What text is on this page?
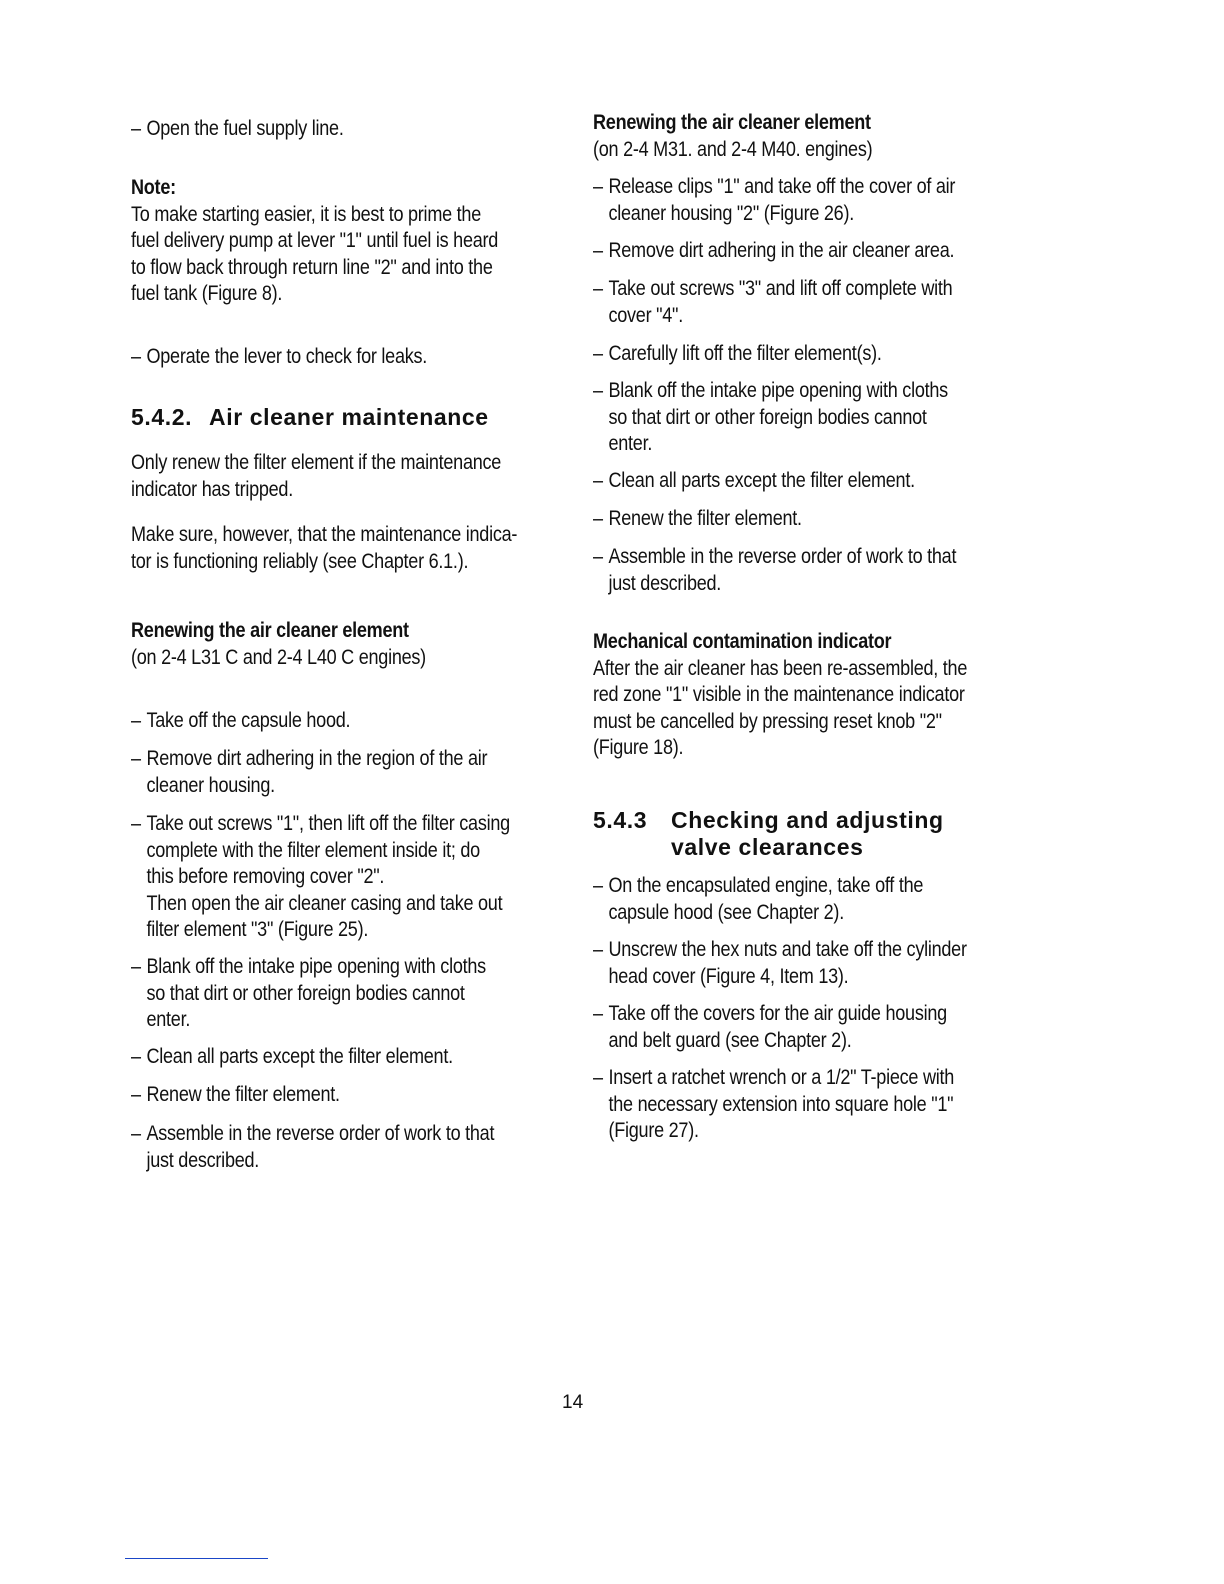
– Open the fuel supply line.

Note:

To make starting easier, it is best to prime the

fuel delivery pump at lever "1" until fuel is heard

to flow back through return line "2" and into the

fuel tank (Figure 8).

– Operate the lever to check for leaks.

5.4.2. Air cleaner maintenance

Only renew the filter element if the maintenance

indicator has tripped.

Make sure, however, that the maintenance indica-

tor is functioning reliably (see Chapter 6.1.).

Renewing the air cleaner element

(on 2-4 L31 C and 2-4 L40 C engines)

– Take off the capsule hood.

– Remove dirt adhering in the region of the air

cleaner housing.

– Take out screws "1", then lift off the filter casing

complete with the filter element inside it; do

this before removing cover "2".

Then open the air cleaner casing and take out

filter element "3" (Figure 25).

– Blank off the intake pipe opening with cloths

so that dirt or other foreign bodies cannot

enter.

– Clean all parts except the filter element.

– Renew the filter element.

– Assemble in the reverse order of work to that

just described.

Renewing the air cleaner element

(on 2-4 M31. and 2-4 M40. engines)

– Release clips "1" and take off the cover of air

cleaner housing "2" (Figure 26).

– Remove dirt adhering in the air cleaner area.

– Take out screws "3" and lift off complete with

cover "4".

– Carefully lift off the filter element(s).

– Blank off the intake pipe opening with cloths

so that dirt or other foreign bodies cannot

enter.

– Clean all parts except the filter element.

– Renew the filter element.

– Assemble in the reverse order of work to that

just described.

Mechanical contamination indicator

After the air cleaner has been re-assembled, the

red zone "1" visible in the maintenance indicator

must be cancelled by pressing reset knob "2"

(Figure 18).

5.4.3 Checking and adjusting

valve clearances

– On the encapsulated engine, take off the

capsule hood (see Chapter 2).

– Unscrew the hex nuts and take off the cylinder

head cover (Figure 4, Item 13).

– Take off the covers for the air guide housing

and belt guard (see Chapter 2).

– Insert a ratchet wrench or a 1/2" T-piece with

the necessary extension into square hole "1"

(Figure 27).

14
